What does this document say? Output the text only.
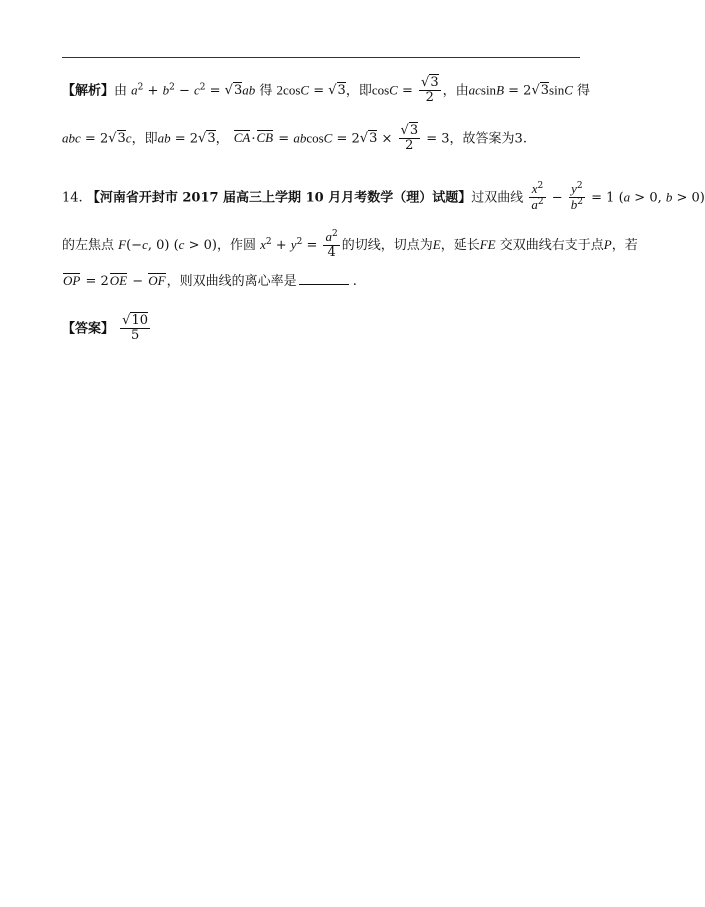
【解析】由 $a^2 + b^2 - c^2 = √3ab$ 得 2cosC = √3，即$\cos C = \frac{√3}{2}$ ，由acsinB = 2√3sinC 得
abc = 2√3c，即ab = 2√3， $CA\cdot CB = abcosC = 2√3 \times \frac{√3}{2} = 3$，故答案为3.
14. 【河南省开封市 2017 届高三上学期 10 月月考数学（理）试题】过双曲线 $\frac{x^2}{a^2} - \frac{y^2}{b^2} = 1$ (a > 0, b > 0)
的左焦点 F(−c, 0) (c > 0)，作圆 $x^2 + y^2 = \frac{a^2}{4}$ 的切线，切点为E，延长FE 交双曲线右支于点P，若
OP = 2OE − OF，则双曲线的离心率是	.
【答案】 $\frac{√10}{5}$
